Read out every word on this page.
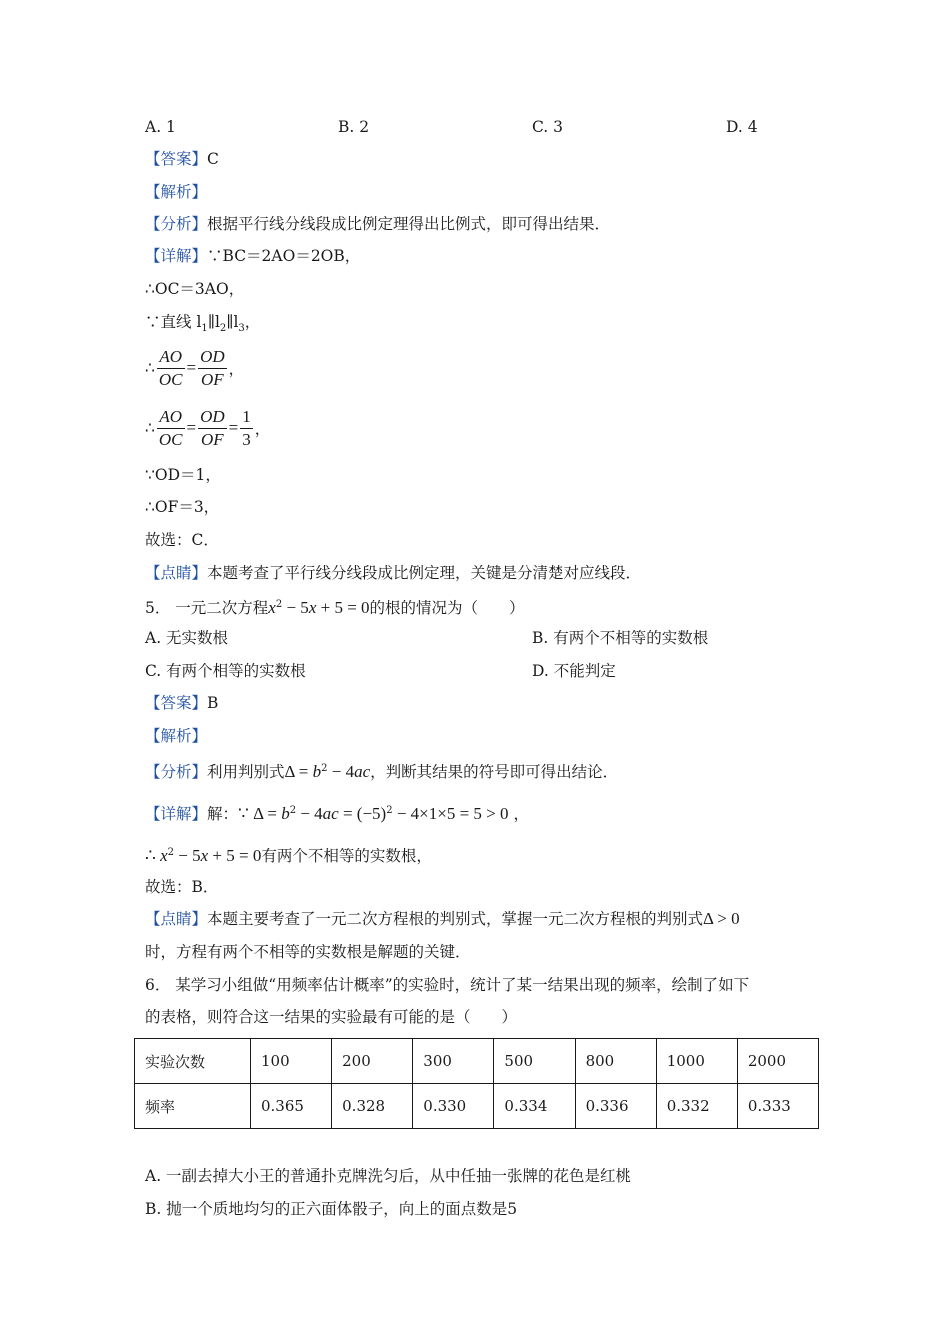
A. 1	B. 2	C. 3	D. 4
【答案】C
【解析】
【分析】根据平行线分线段成比例定理得出比例式，即可得出结果．
【详解】∵BC＝2AO＝2OB，
∴OC＝3AO，
∵直线 $l_1\parallel l_2\parallel l_3$，
∴ $\frac{AO}{OC} = \frac{OD}{OF}$ ，
∴ $\frac{AO}{OC} = \frac{OD}{OF} = \frac{1}{3}$ ，
∵OD＝1，
∴OF＝3，
故选：C．
【点睛】本题考查了平行线分线段成比例定理，关键是分清楚对应线段．
5． 一元二次方程$x^2 - 5x + 5 = 0$的根的情况为（　　）
A. 无实数根	B. 有两个不相等的实数根
C. 有两个相等的实数根	D. 不能判定
【答案】B
【解析】
【分析】利用判别式$\Delta = b^2 - 4ac$，判断其结果的符号即可得出结论．
【详解】解：∵ $\Delta = b^2 - 4ac = (-5)^2 - 4\times 1\times 5 = 5 > 0$ ，
∴ $x^2 - 5x + 5 = 0$有两个不相等的实数根，
故选：B．
【点睛】本题主要考查了一元二次方程根的判别式，掌握一元二次方程根的判别式Δ > 0
时，方程有两个不相等的实数根是解题的关键．
6． 某学习小组做“用频率估计概率”的实验时，统计了某一结果出现的频率，绘制了如下
的表格，则符合这一结果的实验最有可能的是（　　）
实验次数	100	200	300	500	800	1000	2000
频率	0.365	0.328	0.330	0.334	0.336	0.332	0.333
A. 一副去掉大小王的普通扑克牌洗匀后，从中任抽一张牌的花色是红桃
B. 抛一个质地均匀的正六面体骰子，向上的面点数是5
